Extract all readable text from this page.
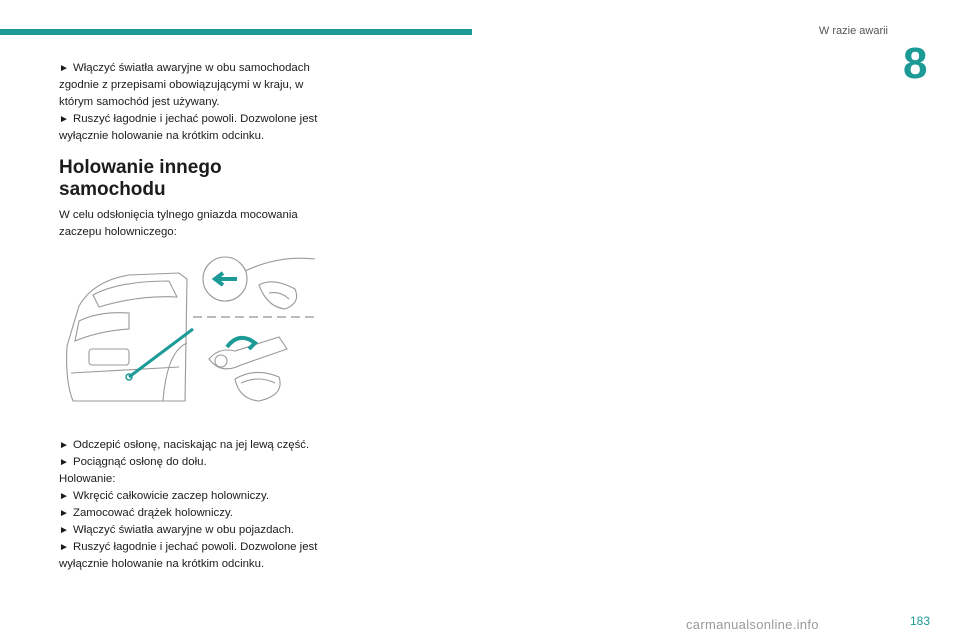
W razie awarii
8

► Włączyć światła awaryjne w obu samochodach zgodnie z przepisami obowiązującymi w kraju, w którym samochód jest używany.

► Ruszyć łagodnie i jechać powoli. Dozwolone jest wyłącznie holowanie na krótkim odcinku.

Holowanie innego samochodu

W celu odsłonięcia tylnego gniazda mocowania zaczepu holowniczego:

► Odczepić osłonę, naciskając na jej lewą część.

► Pociągnąć osłonę do dołu.

Holowanie:

► Wkręcić całkowicie zaczep holowniczy.

► Zamocować drążek holowniczy.

► Włączyć światła awaryjne w obu pojazdach.

► Ruszyć łagodnie i jechać powoli. Dozwolone jest wyłącznie holowanie na krótkim odcinku.

183
carmanualsonline.info
